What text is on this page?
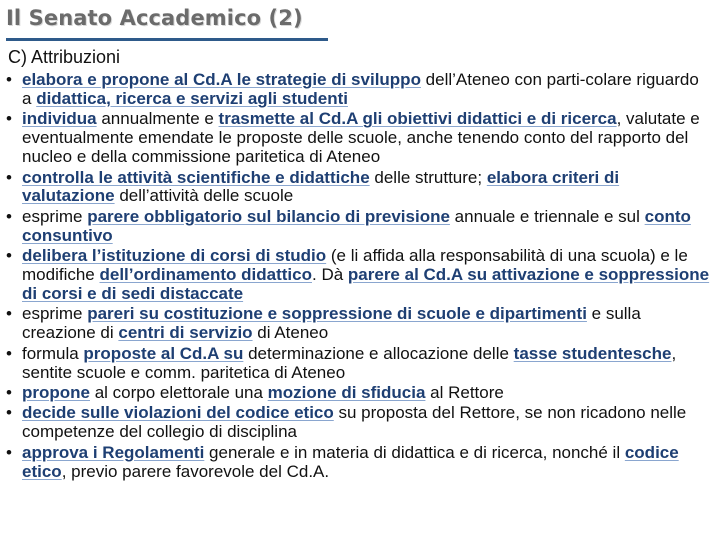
Il Senato Accademico (2)
C) Attribuzioni
• elabora e propone al Cd.A le strategie di sviluppo dell’Ateneo con parti-colare riguardo a didattica, ricerca e servizi agli studenti
• individua annualmente e trasmette al Cd.A gli obiettivi didattici e di ricerca, valutate e eventualmente emendate le proposte delle scuole, anche tenendo conto del rapporto del nucleo e della commissione paritetica di Ateneo
• controlla le attività scientifiche e didattiche delle strutture; elabora criteri di valutazione dell’attività delle scuole
• esprime parere obbligatorio sul bilancio di previsione annuale e triennale e sul conto consuntivo
• delibera l’istituzione di corsi di studio (e li affida alla responsabilità di una scuola) e le modifiche dell’ordinamento didattico. Dà parere al Cd.A su attivazione e soppressione di corsi e di sedi distaccate
• esprime pareri su costituzione e soppressione di scuole e dipartimenti e sulla creazione di centri di servizio di Ateneo
• formula proposte al Cd.A su determinazione e allocazione delle tasse studentesche, sentite scuole e comm. paritetica di Ateneo
• propone al corpo elettorale una mozione di sfiducia al Rettore
• decide sulle violazioni del codice etico su proposta del Rettore, se non ricadono nelle competenze del collegio di disciplina
• approva i Regolamenti generale e in materia di didattica e di ricerca, nonché il codice etico, previo parere favorevole del Cd.A.
